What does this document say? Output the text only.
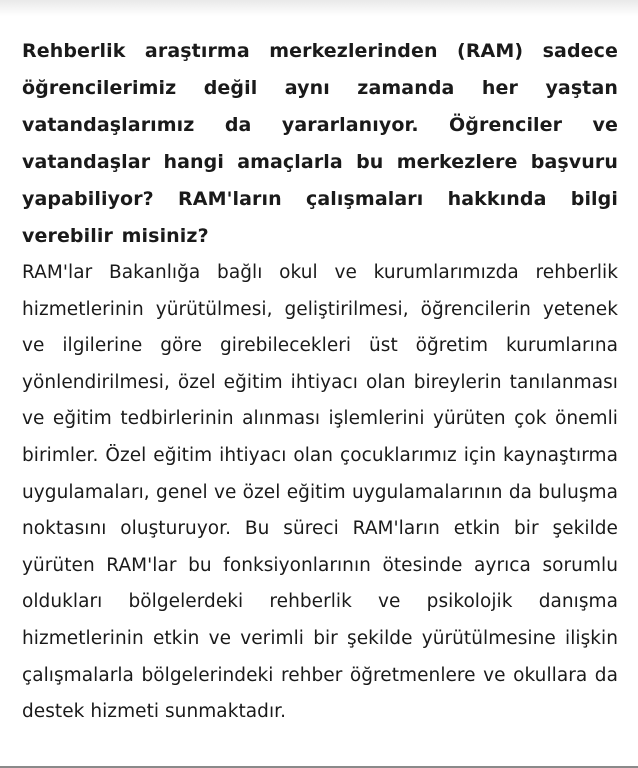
Rehberlik araştırma merkezlerinden (RAM) sadece öğrencilerimiz değil aynı zamanda her yaştan vatandaşlarımız da yararlanıyor. Öğrenciler ve vatandaşlar hangi amaçlarla bu merkezlere başvuru yapabiliyor? RAM'ların çalışmaları hakkında bilgi verebilir misiniz?

RAM'lar Bakanlığa bağlı okul ve kurumlarımızda rehberlik hizmetlerinin yürütülmesi, geliştirilmesi, öğrencilerin yetenek ve ilgilerine göre girebilecekleri üst öğretim kurumlarına yönlendirilmesi, özel eğitim ihtiyacı olan bireylerin tanılanması ve eğitim tedbirlerinin alınması işlemlerini yürüten çok önemli birimler. Özel eğitim ihtiyacı olan çocuklarımız için kaynaştırma uygulamaları, genel ve özel eğitim uygulamalarının da buluşma noktasını oluşturuyor. Bu süreci RAM'ların etkin bir şekilde yürüten RAM'lar bu fonksiyonlarının ötesinde ayrıca sorumlu oldukları bölgelerdeki rehberlik ve psikolojik danışma hizmetlerinin etkin ve verimli bir şekilde yürütülmesine ilişkin çalışmalarla bölgelerindeki rehber öğretmenlere ve okullara da destek hizmeti sunmaktadır.
